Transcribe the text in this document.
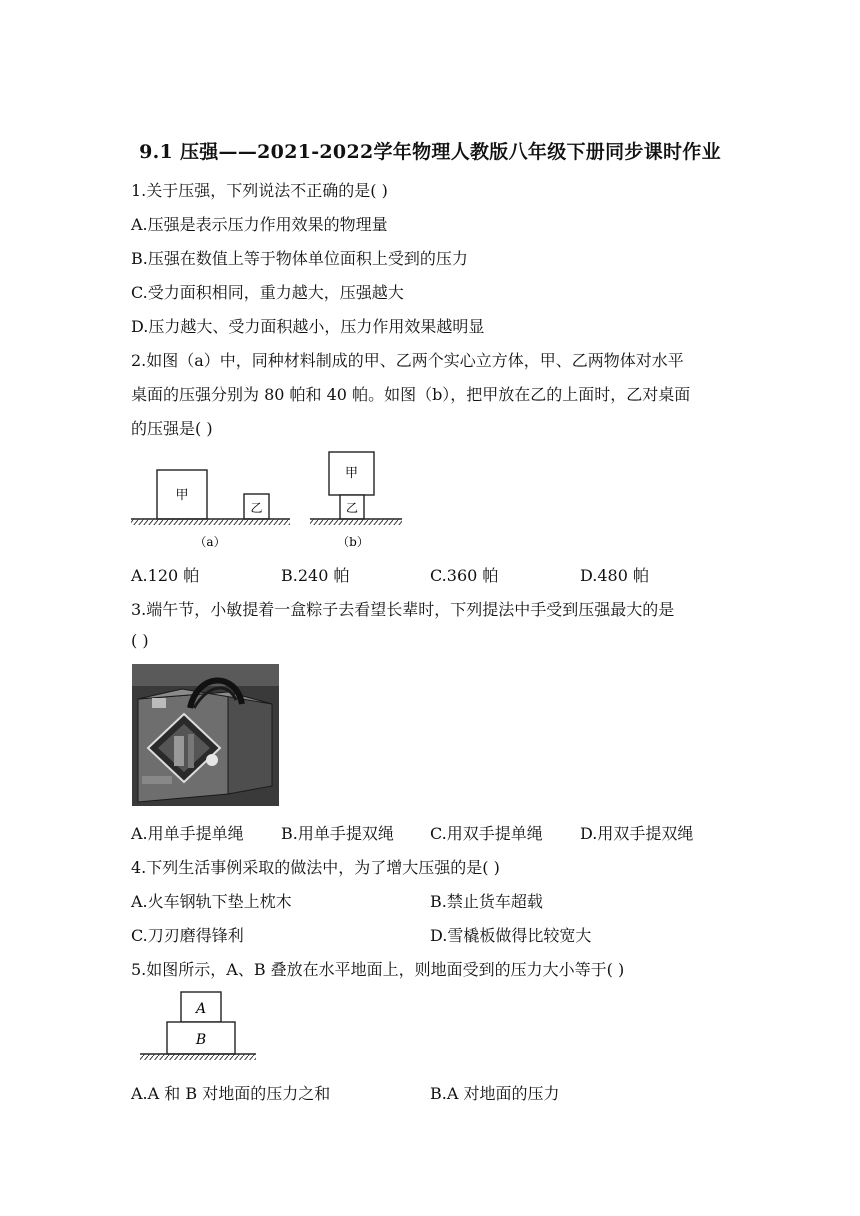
9.1 压强——2021-2022学年物理人教版八年级下册同步课时作业
1.关于压强，下列说法不正确的是( )
A.压强是表示压力作用效果的物理量
B.压强在数值上等于物体单位面积上受到的压力
C.受力面积相同，重力越大，压强越大
D.压力越大、受力面积越小，压力作用效果越明显
2.如图（a）中，同种材料制成的甲、乙两个实心立方体，甲、乙两物体对水平
桌面的压强分别为 80 帕和 40 帕。如图（b），把甲放在乙的上面时，乙对桌面
的压强是( )
甲
乙
（a）
甲
乙
（b）
A.120 帕	B.240 帕	C.360 帕	D.480 帕
3.端午节，小敏提着一盒粽子去看望长辈时，下列提法中手受到压强最大的是
( )
A.用单手提单绳 B.用单手提双绳 C.用双手提单绳 D.用双手提双绳
4.下列生活事例采取的做法中，为了增大压强的是( )
A.火车钢轨下垫上枕木	B.禁止货车超载
C.刀刃磨得锋利	D.雪橇板做得比较宽大
5.如图所示，A、B 叠放在水平地面上，则地面受到的压力大小等于( )
A
B
A.A 和 B 对地面的压力之和	B.A 对地面的压力
